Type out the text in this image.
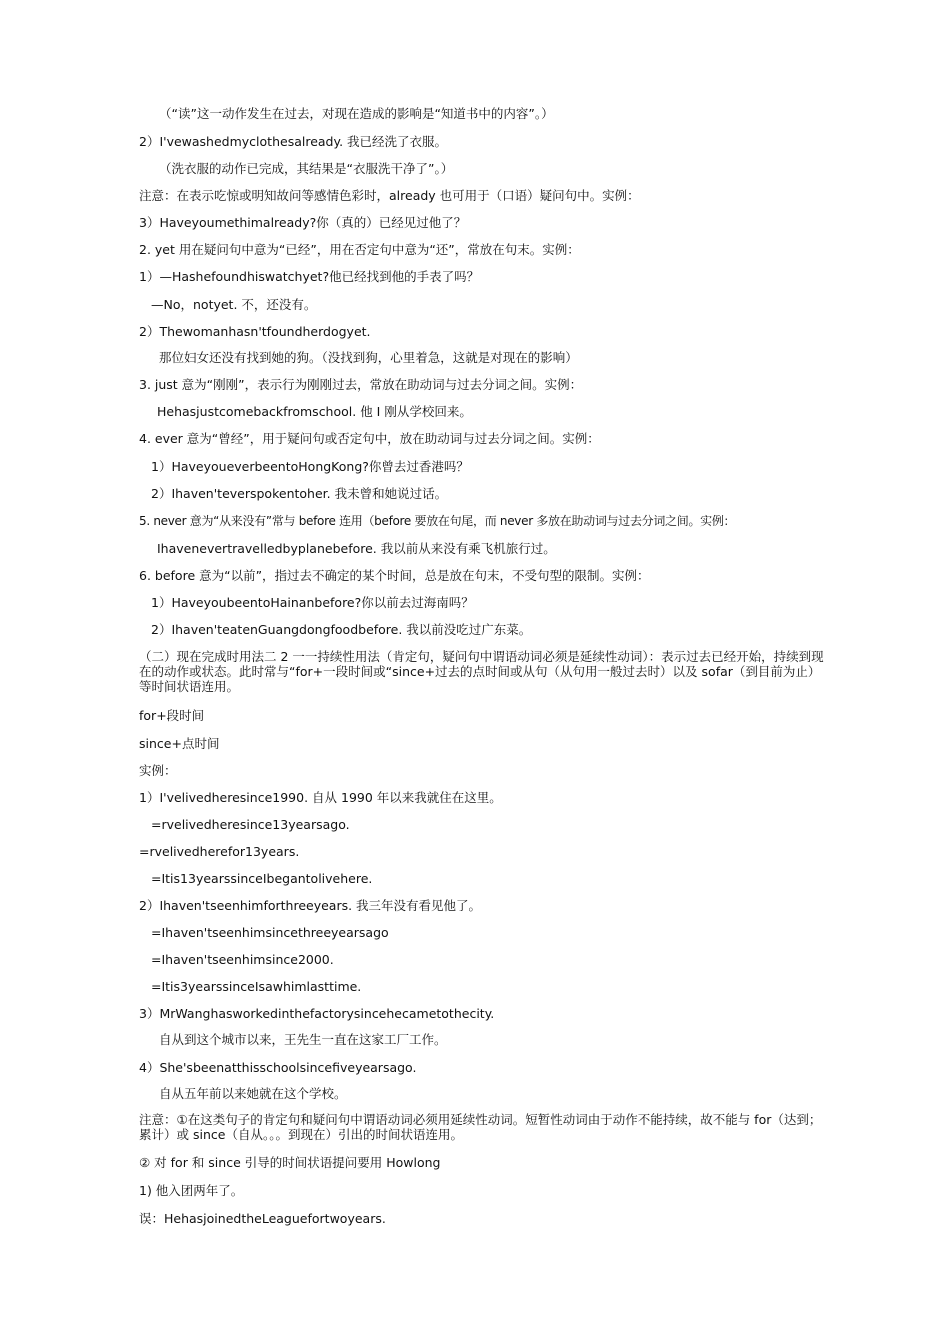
（“读”这一动作发生在过去，对现在造成的影响是“知道书中的内容”。）
2）I'vewashedmyclothesalready. 我已经洗了衣服。
（洗衣服的动作已完成，其结果是“衣服洗干净了”。）
注意：在表示吃惊或明知故问等感情色彩时，already 也可用于（口语）疑问句中。实例：
3）Haveyoumethimalready?你（真的）已经见过他了？
2. yet 用在疑问句中意为“已经”，用在否定句中意为“还”，常放在句末。实例：
1）—Hashefoundhiswatchyet?他已经找到他的手表了吗？
—No，notyet. 不，还没有。
2）Thewomanhasn'tfoundherdogyet.
那位妇女还没有找到她的狗。（没找到狗，心里着急，这就是对现在的影响）
3. just 意为“刚刚”，表示行为刚刚过去，常放在助动词与过去分词之间。实例：
Hehasjustcomebackfromschool. 他 I 刚从学校回来。
4. ever 意为“曾经”，用于疑问句或否定句中，放在助动词与过去分词之间。实例：
1）HaveyoueverbeentoHongKong?你曾去过香港吗？
2）Ihaven'teverspokentoher. 我未曾和她说过话。
5. never 意为“从来没有”常与 before 连用（before 要放在句尾，而 never 多放在助动词与过去分词之间。实例：
Ihavenevertravelledbyplanebefore. 我以前从来没有乘飞机旅行过。
6. before 意为“以前”，指过去不确定的某个时间，总是放在句末，不受句型的限制。实例：
1）HaveyoubeentoHainanbefore?你以前去过海南吗？
2）Ihaven'teatenGuangdongfoodbefore. 我以前没吃过广东菜。
（二）现在完成时用法二 2 一一持续性用法（肯定句，疑问句中谓语动词必须是延续性动词）：表示过去已经开始，持续到现在的动作或状态。此时常与“for+一段时间或“since+过去的点时间或从句（从句用一般过去时）以及 sofar（到目前为止）等时间状语连用。
for+段时间
since+点时间
实例：
1）I'velivedheresince1990. 自从 1990 年以来我就住在这里。
=rvelivedheresince13yearsago.
=rvelivedherefor13years.
=Itis13yearssinceIbegantolivehere.
2）Ihaven'tseenhimforthreeyears. 我三年没有看见他了。
=Ihaven'tseenhimsincethreeyearsago
=Ihaven'tseenhimsince2000.
=Itis3yearssinceIsawhimlasttime.
3）MrWanghasworkedinthefactorysincehecametothecity.
自从到这个城市以来，王先生一直在这家工厂工作。
4）She'sbeenatthisschoolsincefiveyearsago.
自从五年前以来她就在这个学校。
注意：①在这类句子的肯定句和疑问句中谓语动词必须用延续性动词。短暂性动词由于动作不能持续，故不能与 for（达到；累计）或 since（自从。。。到现在）引出的时间状语连用。
② 对 for 和 since 引导的时间状语提问要用 Howlong
1) 他入团两年了。
误：HehasjoinedtheLeaguefortwoyears.
